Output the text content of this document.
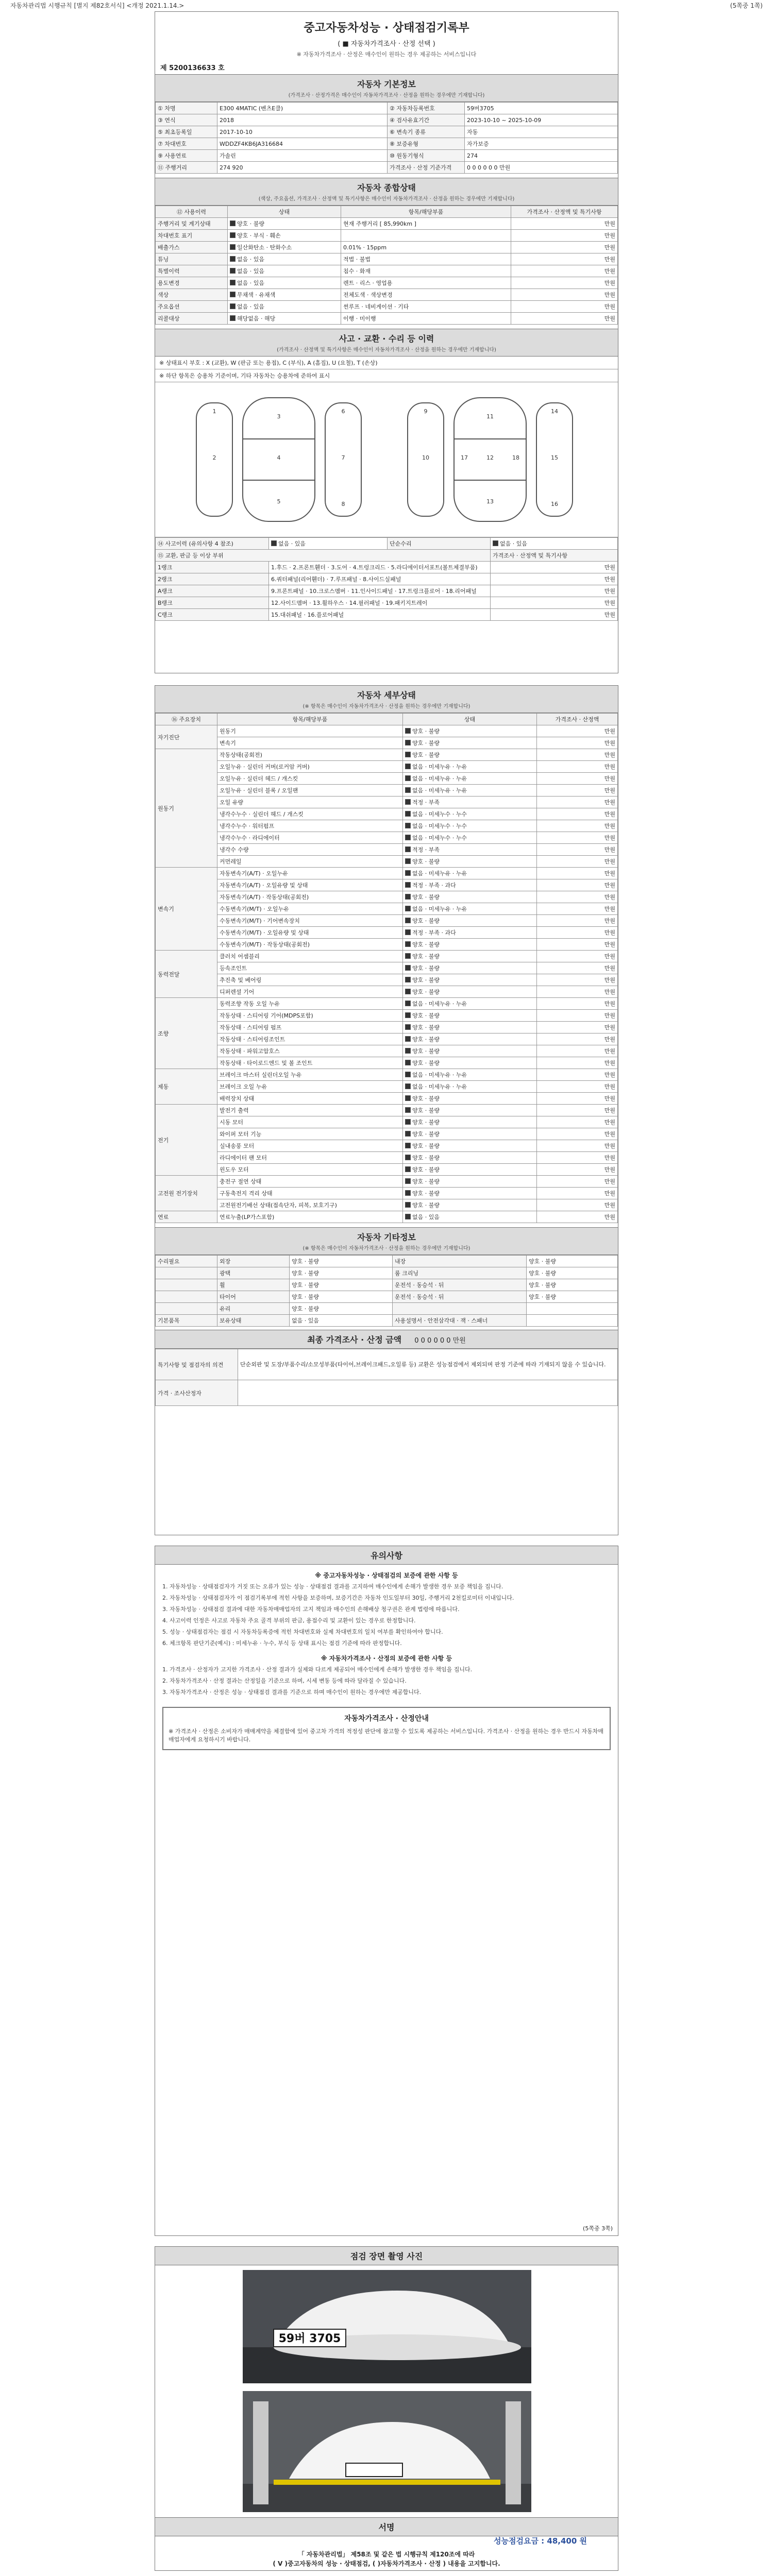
자동차관리법 시행규칙 [별지 제82호서식] <개정 2021.1.14.>	(5쪽중 1쪽)
중고자동차성능 · 상태점검기록부
( ■ 자동차가격조사 · 산정 선택 )
※ 자동차가격조사 · 산정은 매수인이 원하는 경우 제공하는 서비스입니다
제 5200136633 호
자동차 기본정보
(가격조사 · 산정가격은 매수인이 자동차가격조사 · 산정을 원하는 경우에만 기재합니다)
① 차명	E300 4MATIC (벤츠E클)	② 자동차등록번호	59버3705
③ 연식	2018	④ 검사유효기간	2023-10-10 ~ 2025-10-09
⑤ 최초등록일	2017-10-10	⑥ 변속기 종류	자동
⑦ 차대번호	WDDZF4KB6JA316684	⑧ 보증유형	자가보증
⑨ 사용연료	가솔린	⑩ 원동기형식	274
⑪ 주행거리	274 920	가격조사 · 산정 기준가격	0 0 0 0 0 0 만원
자동차 종합상태
(색상, 주요옵션, 가격조사 · 산정액 및 특기사항은 매수인이 자동차가격조사 · 산정을 원하는 경우에만 기재합니다)
⑫ 사용이력	상태	항목/해당부품	가격조사 · 산정액 및 특기사항
주행거리 및 계기상태	양호 · 불량	현재 주행거리 [ 85,990km ]	만원
차대번호 표기	양호 · 부식 · 훼손		만원
배출가스	일산화탄소 · 탄화수소	0.01% · 15ppm	만원
튜닝	없음 · 있음	적법 · 불법	만원
특별이력	없음 · 있음	침수 · 화재	만원
용도변경	없음 · 있음	렌트 · 리스 · 영업용	만원
색상	무채색 · 유채색	전체도색 · 색상변경	만원
주요옵션	없음 · 있음	썬루프 · 네비게이션 · 기타	만원
리콜대상	해당없음 · 해당	이행 · 미이행	만원
사고 · 교환 · 수리 등 이력
(가격조사 · 산정액 및 특기사항은 매수인이 자동차가격조사 · 산정을 원하는 경우에만 기재합니다)
※ 상태표시 부호 : X (교환), W (판금 또는 용접), C (부식), A (흠집), U (요철), T (손상)
※ 하단 항목은 승용차 기준이며, 기타 자동차는 승용차에 준하여 표시
1
2
3
4
5
6
7
8
9
10
11
12
13
14
15
16
17	18
⑭ 사고이력 (유의사항 4 참조)	없음 · 있음	단순수리	없음 · 있음
⑮ 교환, 판금 등 이상 부위			가격조사 · 산정액 및 특기사항
1랭크	1.후드 · 2.프론트휀더 · 3.도어 · 4.트렁크리드 · 5.라디에이터서포트(볼트체결부품)		만원
2랭크	6.쿼터패널(리어휀더) · 7.루프패널 · 8.사이드실패널		만원
A랭크	9.프론트패널 · 10.크로스멤버 · 11.인사이드패널 · 17.트렁크플로어 · 18.리어패널		만원
B랭크	12.사이드멤버 · 13.휠하우스 · 14.필러패널 · 19.패키지트레이		만원
C랭크	15.대쉬패널 · 16.플로어패널		만원
자동차 세부상태
(※ 항목은 매수인이 자동차가격조사 · 산정을 원하는 경우에만 기재합니다)
⑯ 주요장치	항목/해당부품	상태	가격조사 · 산정액
자기진단	원동기	양호 · 불량	만원
	변속기	양호 · 불량	만원
원동기	작동상태(공회전)	양호 · 불량	만원
	오일누유 · 실린더 커버(로커암 커버)	없음 · 미세누유 · 누유	만원
	오일누유 · 실린더 헤드 / 개스킷	없음 · 미세누유 · 누유	만원
	오일누유 · 실린더 블록 / 오일팬	없음 · 미세누유 · 누유	만원
	오일 유량	적정 · 부족	만원
	냉각수누수 · 실린더 헤드 / 개스킷	없음 · 미세누수 · 누수	만원
	냉각수누수 · 워터펌프	없음 · 미세누수 · 누수	만원
	냉각수누수 · 라디에이터	없음 · 미세누수 · 누수	만원
	냉각수 수량	적정 · 부족	만원
	커먼레일	양호 · 불량	만원
변속기	자동변속기(A/T) · 오일누유	없음 · 미세누유 · 누유	만원
	자동변속기(A/T) · 오일유량 및 상태	적정 · 부족 · 과다	만원
	자동변속기(A/T) · 작동상태(공회전)	양호 · 불량	만원
	수동변속기(M/T) · 오일누유	없음 · 미세누유 · 누유	만원
	수동변속기(M/T) · 기어변속장치	양호 · 불량	만원
	수동변속기(M/T) · 오일유량 및 상태	적정 · 부족 · 과다	만원
	수동변속기(M/T) · 작동상태(공회전)	양호 · 불량	만원
동력전달	클러치 어셈블리	양호 · 불량	만원
	등속조인트	양호 · 불량	만원
	추진축 및 베어링	양호 · 불량	만원
	디퍼렌셜 기어	양호 · 불량	만원
조향	동력조향 작동 오일 누유	없음 · 미세누유 · 누유	만원
	작동상태 · 스티어링 기어(MDPS포함)	양호 · 불량	만원
	작동상태 · 스티어링 펌프	양호 · 불량	만원
	작동상태 · 스티어링조인트	양호 · 불량	만원
	작동상태 · 파워고압호스	양호 · 불량	만원
	작동상태 · 타이로드엔드 및 볼 조인트	양호 · 불량	만원
제동	브레이크 마스터 실린더오일 누유	없음 · 미세누유 · 누유	만원
	브레이크 오일 누유	없음 · 미세누유 · 누유	만원
	배력장치 상태	양호 · 불량	만원
전기	발전기 출력	양호 · 불량	만원
	시동 모터	양호 · 불량	만원
	와이퍼 모터 기능	양호 · 불량	만원
	실내송풍 모터	양호 · 불량	만원
	라디에이터 팬 모터	양호 · 불량	만원
	윈도우 모터	양호 · 불량	만원
고전원 전기장치	충전구 절연 상태	양호 · 불량	만원
	구동축전지 격리 상태	양호 · 불량	만원
	고전원전기배선 상태(접속단자, 피복, 보호기구)	양호 · 불량	만원
연료	연료누출(LP가스포함)	없음 · 있음	만원
자동차 기타정보
(※ 항목은 매수인이 자동차가격조사 · 산정을 원하는 경우에만 기재합니다)
수리필요	외장	양호 · 불량	내장	양호 · 불량
	광택	양호 · 불량	룸 크리닝	양호 · 불량
	휠	양호 · 불량	운전석 · 동승석 · 뒤	양호 · 불량
	타이어	양호 · 불량	운전석 · 동승석 · 뒤	양호 · 불량
	유리	양호 · 불량		
기본품목	보유상태	없음 · 있음	사용설명서 · 안전삼각대 · 잭 · 스패너	
최종 가격조사 · 산정 금액 0 0 0 0 0 0 만원
특기사항 및 점검자의 의견	단순외판 및 도장/부품수리/소모성부품(타이어,브레이크패드,오일류 등) 교환은 성능점검에서 제외되며 판정 기준에 따라 기재되지 않을 수 있습니다.
가격 · 조사산정자	
유의사항
※ 중고자동차성능 · 상태점검의 보증에 관한 사항 등

1. 자동차성능 · 상태점검자가 거짓 또는 오류가 있는 성능 · 상태점검 결과를 고지하여 매수인에게 손해가 발생한 경우 보증 책임을 집니다.

2. 자동차성능 · 상태점검자가 이 점검기록부에 적힌 사항을 보증하며, 보증기간은 자동차 인도일부터 30일, 주행거리 2천킬로미터 이내입니다.

3. 자동차성능 · 상태점검 결과에 대한 자동차매매업자의 고지 책임과 매수인의 손해배상 청구권은 관계 법령에 따릅니다.

4. 사고이력 인정은 사고로 자동차 주요 골격 부위의 판금, 용접수리 및 교환이 있는 경우로 한정합니다.

5. 성능 · 상태점검자는 점검 시 자동차등록증에 적힌 차대번호와 실제 차대번호의 일치 여부를 확인하여야 합니다.

6. 체크항목 판단기준(예시) : 미세누유 · 누수, 부식 등 상태 표시는 점검 기준에 따라 판정합니다.

※ 자동차가격조사 · 산정의 보증에 관한 사항 등

1. 가격조사 · 산정자가 고지한 가격조사 · 산정 결과가 실제와 다르게 제공되어 매수인에게 손해가 발생한 경우 책임을 집니다.

2. 자동차가격조사 · 산정 결과는 산정일을 기준으로 하며, 시세 변동 등에 따라 달라질 수 있습니다.

3. 자동차가격조사 · 산정은 성능 · 상태점검 결과를 기준으로 하며 매수인이 원하는 경우에만 제공합니다.

자동차가격조사 · 산정안내

※ 가격조사 · 산정은 소비자가 매매계약을 체결함에 있어 중고차 가격의 적정성 판단에 참고할 수 있도록 제공하는 서비스입니다. 가격조사 · 산정을 원하는 경우 반드시 자동차매매업자에게 요청하시기 바랍니다.

(5쪽중 3쪽)
점검 장면 촬영 사진
59버 3705
서명
성능점검요금 : 48,400 원
「 자동차관리법」 제58조 및 같은 법 시행규칙 제120조에 따라
( V )중고자동차의 성능 · 상태점검, ( )자동차가격조사 · 산정 ) 내용을 고지합니다.
